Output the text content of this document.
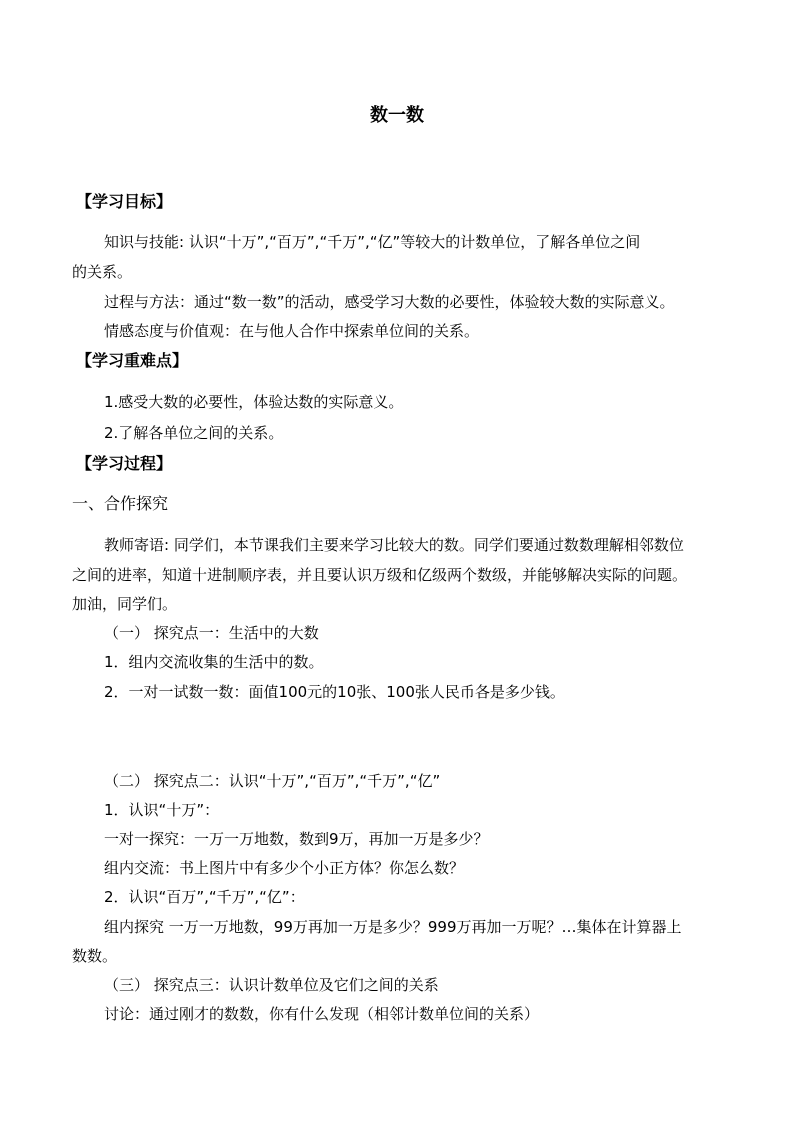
数一数
【学习目标】
知识与技能: 认识“十万”,“百万”,“千万”,“亿”等较大的计数单位，了解各单位之间
的关系。
过程与方法：通过“数一数”的活动，感受学习大数的必要性，体验较大数的实际意义。
情感态度与价值观：在与他人合作中探索单位间的关系。
【学习重难点】
1.感受大数的必要性，体验达数的实际意义。
2.了解各单位之间的关系。
【学习过程】
一、合作探究
教师寄语: 同学们，本节课我们主要来学习比较大的数。同学们要通过数数理解相邻数位
之间的进率，知道十进制顺序表，并且要认识万级和亿级两个数级，并能够解决实际的问题。
加油，同学们。
（一） 探究点一：生活中的大数
1．组内交流收集的生活中的数。
2．一对一试数一数：面值100元的10张、100张人民币各是多少钱。
（二） 探究点二：认识“十万”,“百万”,“千万”,“亿”
1．认识“十万”：
一对一探究：一万一万地数，数到9万，再加一万是多少？
组内交流：书上图片中有多少个小正方体？你怎么数？
2．认识“百万”,“千万”,“亿”：
组内探究 一万一万地数，99万再加一万是多少？999万再加一万呢？…集体在计算器上
数数。
（三） 探究点三：认识计数单位及它们之间的关系
讨论：通过刚才的数数，你有什么发现（相邻计数单位间的关系）
